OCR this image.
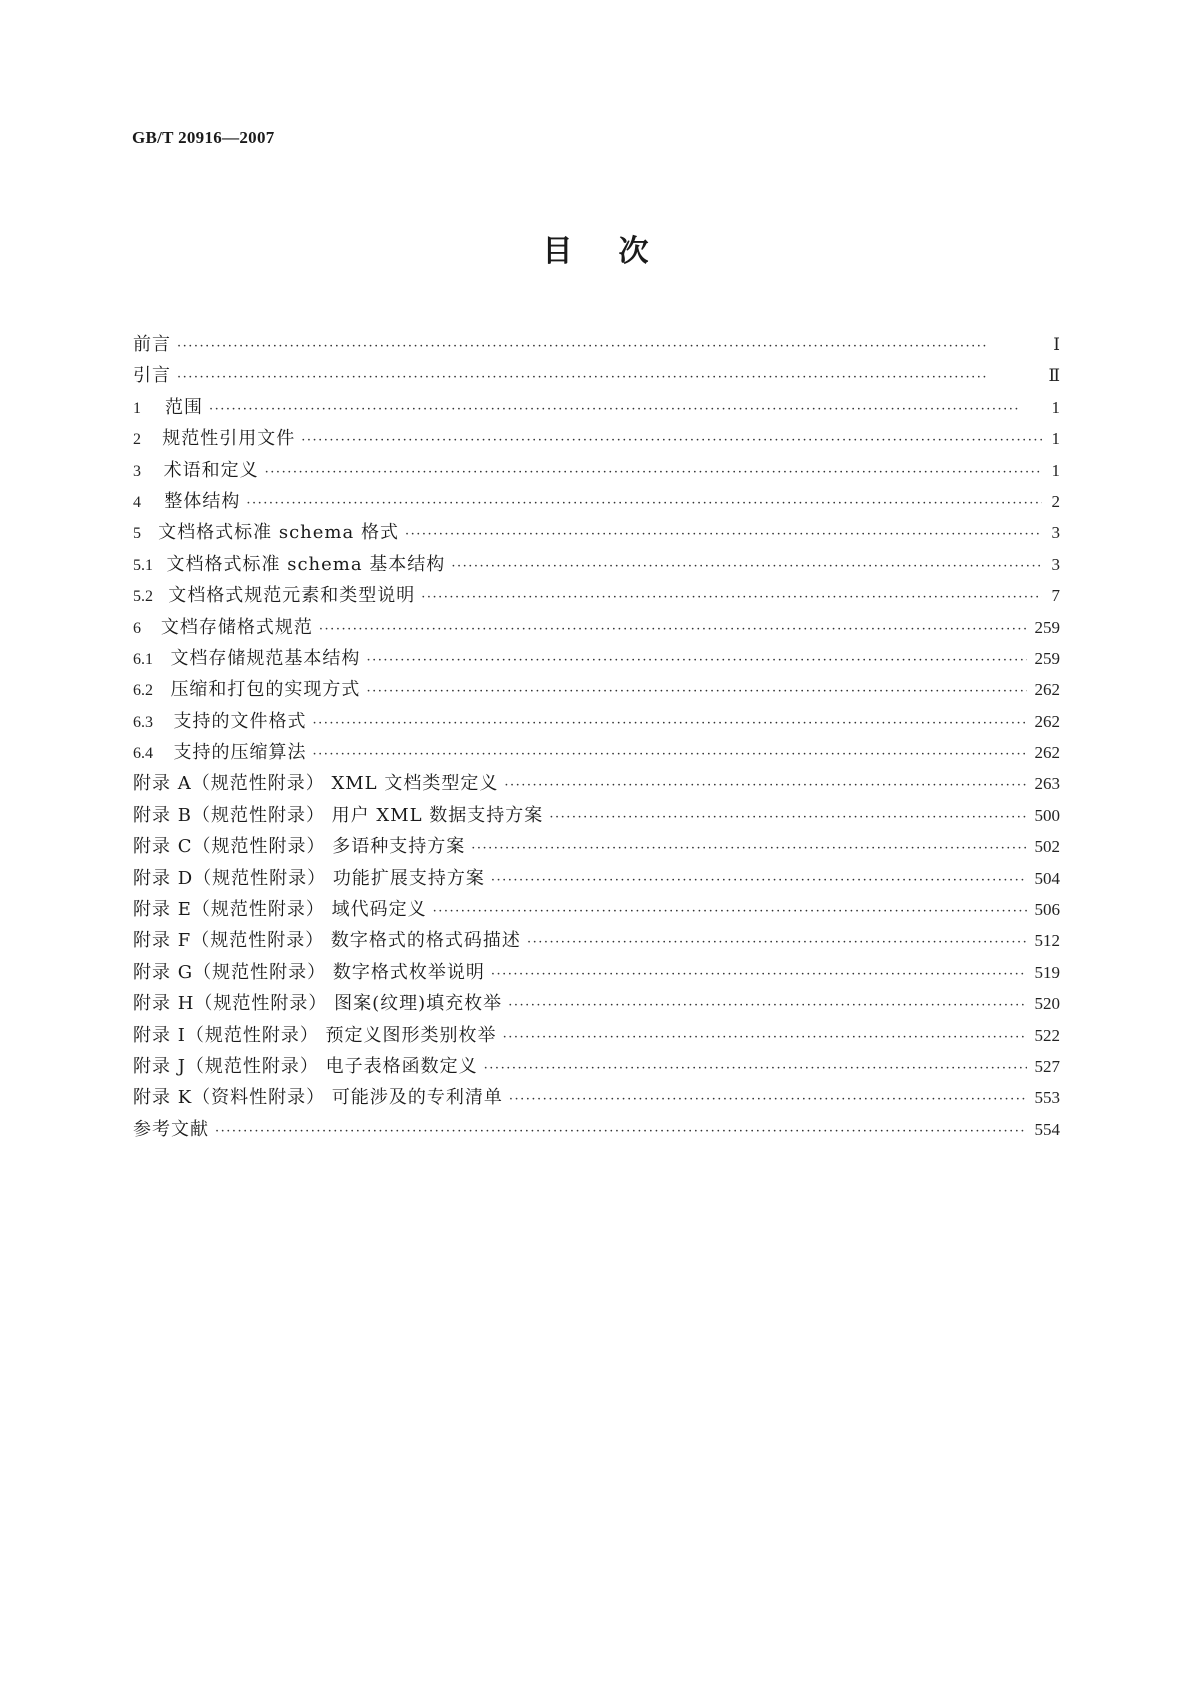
GB/T 20916—2007
目次
前言 ·····	Ⅰ
引言 ·····	Ⅱ
1	范围 ·····	1
2	规范性引用文件 ·····	1
3	术语和定义 ·····	1
4	整体结构 ·····	2
5 文档格式标准 schema 格式 ·····	3
5.1 文档格式标准 schema 基本结构 ·····	3
5.2 文档格式规范元素和类型说明 ·····	7
6	文档存储格式规范 ·····	259
6.1 文档存储规范基本结构 ·····	259
6.2 压缩和打包的实现方式 ·····	262
6.3	支持的文件格式 ·····	262
6.4	支持的压缩算法 ·····	262
附录 A（规范性附录） XML 文档类型定义 ·····	263
附录 B（规范性附录） 用户 XML 数据支持方案 ·····	500
附录 C（规范性附录） 多语种支持方案 ·····	502
附录 D（规范性附录） 功能扩展支持方案 ·····	504
附录 E（规范性附录） 域代码定义 ·····	506
附录 F（规范性附录） 数字格式的格式码描述 ·····	512
附录 G（规范性附录） 数字格式枚举说明 ·····	519
附录 H（规范性附录） 图案(纹理)填充枚举 ·····	520
附录 I（规范性附录） 预定义图形类别枚举 ·····	522
附录 J（规范性附录） 电子表格函数定义 ·····	527
附录 K（资料性附录） 可能涉及的专利清单 ·····	553
参考文献 ·····	554
